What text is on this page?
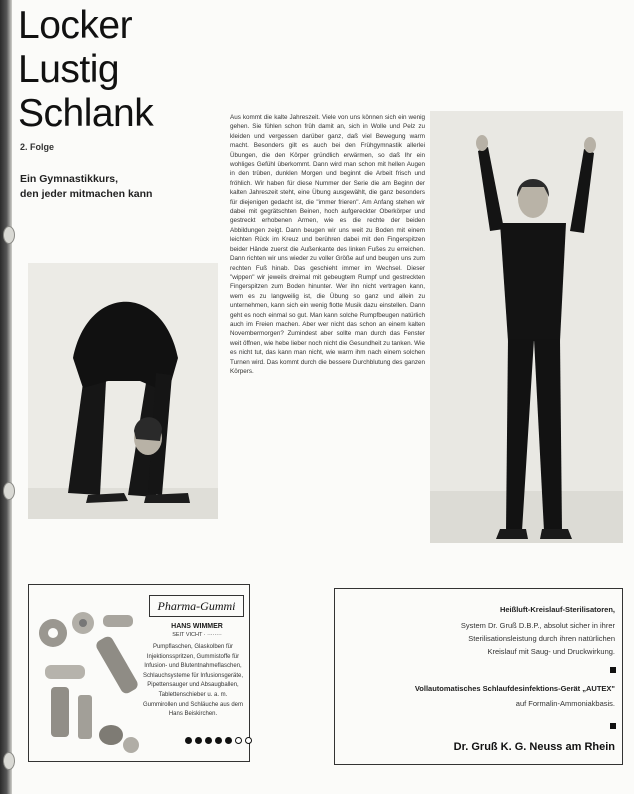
Locker
Lustig
Schlank
2. Folge
Ein Gymnastikkurs,
den jeder mitmachen kann
Aus kommt die kalte Jahreszeit. Viele von uns können sich ein wenig gehen. Sie fühlen schon früh damit an, sich in Wolle und Pelz zu kleiden und vergessen darüber ganz, daß viel Bewegung warm macht. Besonders gilt es auch bei den Frühgymnastik allerlei Übungen, die den Körper gründlich erwärmen, so daß Ihr ein wohliges Gefühl überkommt. Dann wird man schon mit hellen Augen in den trüben, dunklen Morgen und beginnt die Arbeit frisch und fröhlich. Wir haben für diese Nummer der Serie die am Beginn der kalten Jahreszeit steht, eine Übung ausgewählt, die ganz besonders für diejenigen gedacht ist, die "immer frieren". Am Anfang stehen wir dabei mit gegrätschten Beinen, hoch aufgereckter Oberkörper und gestreckt erhobenen Armen, wie es die rechte der beiden Abbildungen zeigt. Dann beugen wir uns weit zu Boden mit einem leichten Rück im Kreuz und berühren dabei mit den Fingerspitzen beider Hände zuerst die Außenkante des linken Fußes zu erreichen. Dann richten wir uns wieder zu voller Größe auf und beugen uns zum rechten Fuß hinab. Das geschieht immer im Wechsel. Dieser "wippen" wir jeweils dreimal mit gebeugtem Rumpf und gestreckten Fingerspitzen zum Boden hinunter. Wer ihn nicht vertragen kann, wem es zu langweilig ist, die Übung so ganz und allein zu unternehmen, kann sich ein wenig flotte Musik dazu einstellen. Dann geht es noch einmal so gut. Man kann solche Rumpfbeugen natürlich auch im Freien machen. Aber wer nicht das schon an einem kalten Novembermorgen? Zumindest aber sollte man durch das Fenster weit öffnen, wie hebe lieber noch nicht die Gesundheit zu tanken. Wie es nicht tut, das kann man nicht, wie warm ihm nach einem solchen Turnen wird. Das kommt durch die bessere Durchblutung des ganzen Körpers.
Pharma-Gummi
HANS WIMMER
SEIT VICHT · ········
Pumpflaschen, Glaskolben für Injektionsspritzen, Gummistoffe für Infusion- und Blutentnahmeflaschen, Schlauchsysteme für Infusionsgeräte, Pipettensauger und Absaugballen, Tablettenschieber u. a. m. Gummirollen und Schläuche aus dem Hans Beiskirchen.
Heißluft-Kreislauf-Sterilisatoren,
System Dr. Gruß D.B.P., absolut sicher in ihrer
Sterilisationsleistung durch ihren natürlichen
Kreislauf mit Saug- und Druckwirkung.
Vollautomatisches Schlaufdesinfektions-Gerät „AUTEX"
auf Formalin-Ammoniakbasis.
Dr. Gruß K. G. Neuss am Rhein
